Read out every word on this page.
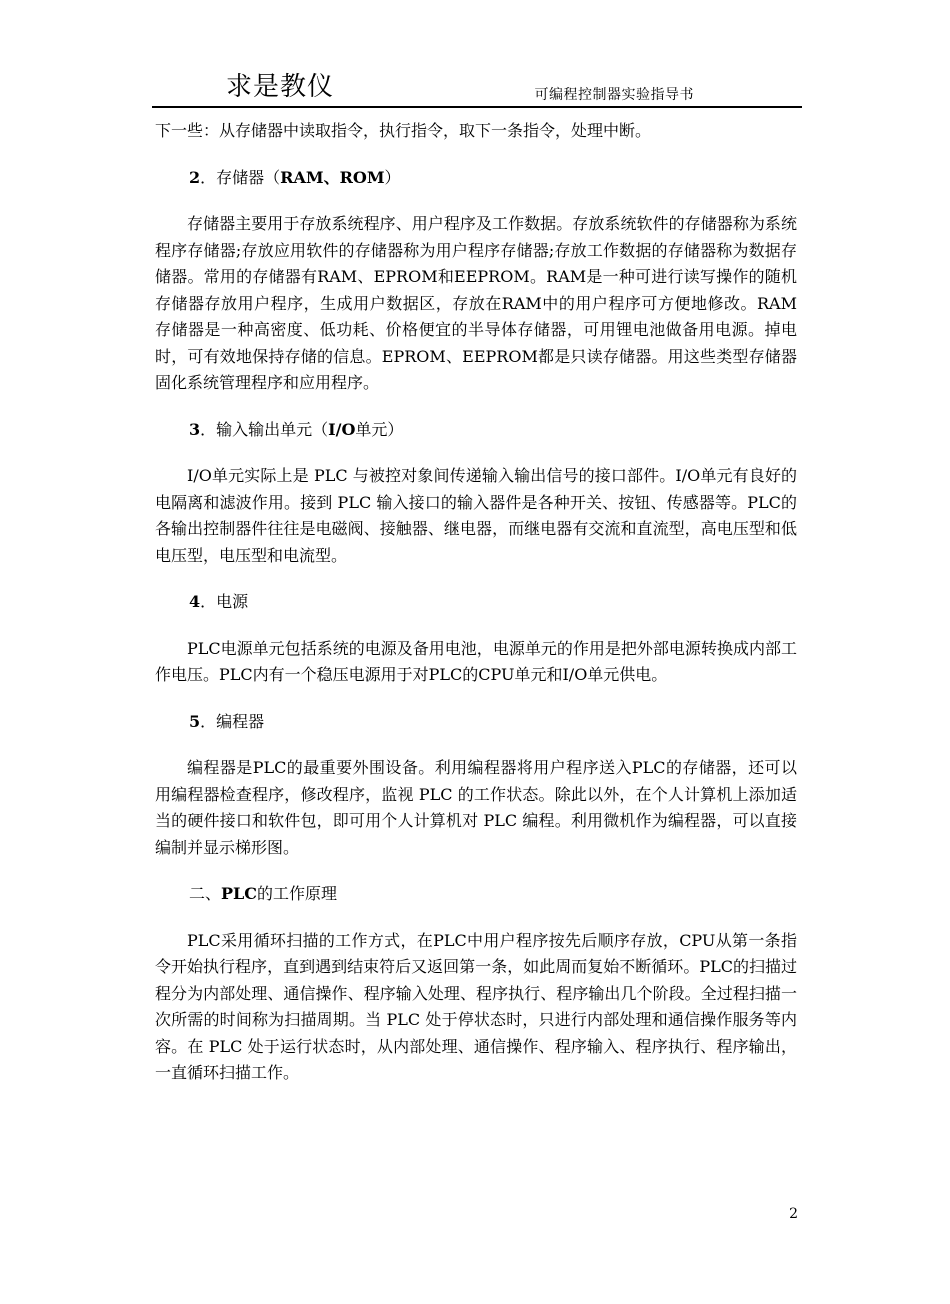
求是教仪	可编程控制器实验指导书

下一些：从存储器中读取指令，执行指令，取下一条指令，处理中断。

2．存储器（RAM、ROM）

存储器主要用于存放系统程序、用户程序及工作数据。存放系统软件的存储器称为系统程序存储器;存放应用软件的存储器称为用户程序存储器;存放工作数据的存储器称为数据存储器。常用的存储器有RAM、EPROM和EEPROM。RAM是一种可进行读写操作的随机存储器存放用户程序，生成用户数据区，存放在RAM中的用户程序可方便地修改。RAM 存储器是一种高密度、低功耗、价格便宜的半导体存储器，可用锂电池做备用电源。掉电时，可有效地保持存储的信息。EPROM、EEPROM都是只读存储器。用这些类型存储器固化系统管理程序和应用程序。

3．输入输出单元（I/O单元）

I/O单元实际上是 PLC 与被控对象间传递输入输出信号的接口部件。I/O单元有良好的电隔离和滤波作用。接到 PLC 输入接口的输入器件是各种开关、按钮、传感器等。PLC的各输出控制器件往往是电磁阀、接触器、继电器，而继电器有交流和直流型，高电压型和低电压型，电压型和电流型。

4．电源

PLC电源单元包括系统的电源及备用电池，电源单元的作用是把外部电源转换成内部工作电压。PLC内有一个稳压电源用于对PLC的CPU单元和I/O单元供电。

5．编程器

编程器是PLC的最重要外围设备。利用编程器将用户程序送入PLC的存储器，还可以用编程器检查程序，修改程序，监视 PLC 的工作状态。除此以外，在个人计算机上添加适当的硬件接口和软件包，即可用个人计算机对 PLC 编程。利用微机作为编程器，可以直接编制并显示梯形图。

二、PLC的工作原理

PLC采用循环扫描的工作方式，在PLC中用户程序按先后顺序存放，CPU从第一条指令开始执行程序，直到遇到结束符后又返回第一条，如此周而复始不断循环。PLC的扫描过程分为内部处理、通信操作、程序输入处理、程序执行、程序输出几个阶段。全过程扫描一次所需的时间称为扫描周期。当 PLC 处于停状态时，只进行内部处理和通信操作服务等内容。在 PLC 处于运行状态时，从内部处理、通信操作、程序输入、程序执行、程序输出，一直循环扫描工作。

2
